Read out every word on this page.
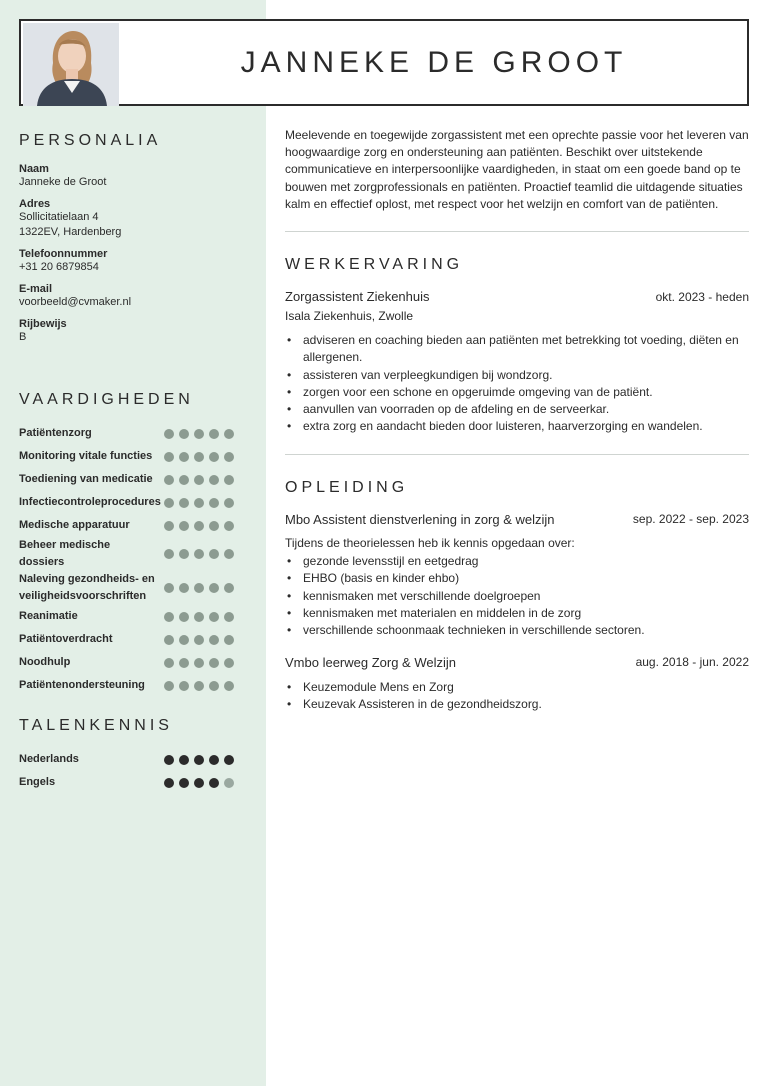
JANNEKE DE GROOT
PERSONALIA
Naam
Janneke de Groot
Adres
Sollicitatielaan 4
1322EV, Hardenberg
Telefoonnummer
+31 20 6879854
E-mail
voorbeeld@cvmaker.nl
Rijbewijs
B
VAARDIGHEDEN
Patiëntenzorg
Monitoring vitale functies
Toediening van medicatie
Infectiecontroleprocedures
Medische apparatuur
Beheer medische dossiers
Naleving gezondheids- en veiligheidsvoorschriften
Reanimatie
Patiëntoverdracht
Noodhulp
Patiëntenondersteuning
TALENKENNIS
Nederlands
Engels
Meelevende en toegewijde zorgassistent met een oprechte passie voor het leveren van hoogwaardige zorg en ondersteuning aan patiënten. Beschikt over uitstekende communicatieve en interpersoonlijke vaardigheden, in staat om een goede band op te bouwen met zorgprofessionals en patiënten. Proactief teamlid die uitdagende situaties kalm en effectief oplost, met respect voor het welzijn en comfort van de patiënten.
WERKERVARING
Zorgassistent Ziekenhuis	okt. 2023 - heden
Isala Ziekenhuis, Zwolle
• adviseren en coaching bieden aan patiënten met betrekking tot voeding, diëten en allergenen.
• assisteren van verpleegkundigen bij wondzorg.
• zorgen voor een schone en opgeruimde omgeving van de patiënt.
• aanvullen van voorraden op de afdeling en de serveerkar.
• extra zorg en aandacht bieden door luisteren, haarverzorging en wandelen.
OPLEIDING
Mbo Assistent dienstverlening in zorg & welzijn	sep. 2022 - sep. 2023
Tijdens de theorielessen heb ik kennis opgedaan over:
• gezonde levensstijl en eetgedrag
• EHBO (basis en kinder ehbo)
• kennismaken met verschillende doelgroepen
• kennismaken met materialen en middelen in de zorg
• verschillende schoonmaak technieken in verschillende sectoren.
Vmbo leerweg Zorg & Welzijn	aug. 2018 - jun. 2022
• Keuzemodule Mens en Zorg
• Keuzevak Assisteren in de gezondheidszorg.
